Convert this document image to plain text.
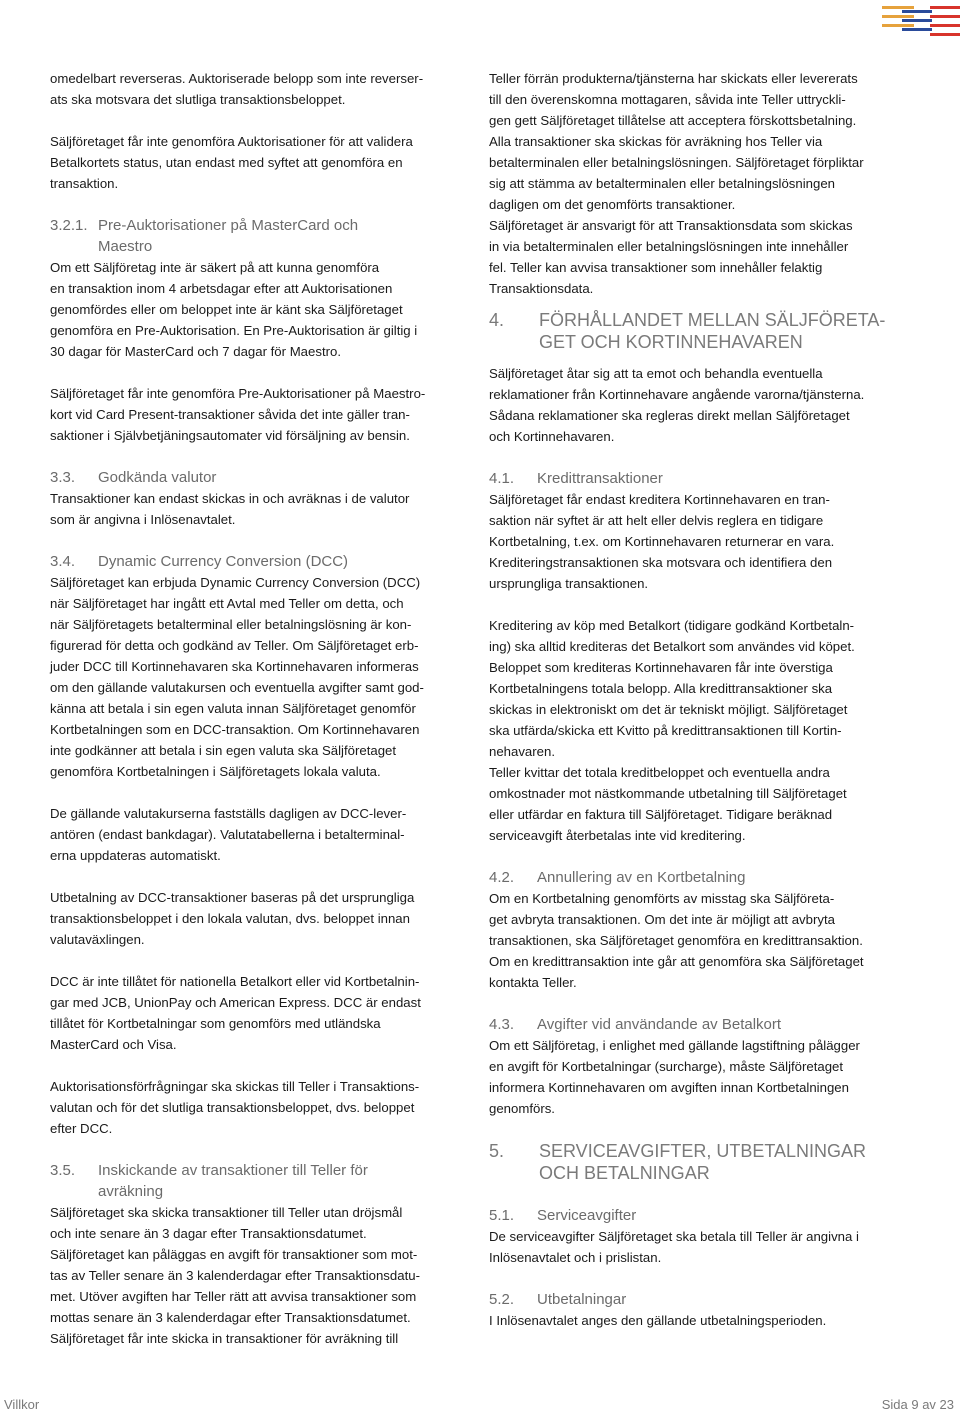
omedelbart reverseras. Auktoriserade belopp som inte reverser-
ats ska motsvara det slutliga transaktionsbeloppet.

Säljföretaget får inte genomföra Auktorisationer för att validera
Betalkortets status, utan endast med syftet att genomföra en
transaktion.

3.2.1. Pre-Auktorisationer på MasterCard och
Maestro

Om ett Säljföretag inte är säkert på att kunna genomföra
en transaktion inom 4 arbetsdagar efter att Auktorisationen
genomfördes eller om beloppet inte är känt ska Säljföretaget
genomföra en Pre-Auktorisation. En Pre-Auktorisation är giltig i
30 dagar för MasterCard och 7 dagar för Maestro.

Säljföretaget får inte genomföra Pre-Auktorisationer på Maestro-
kort vid Card Present-transaktioner såvida det inte gäller tran-
saktioner i Självbetjäningsautomater vid försäljning av bensin.

3.3.	Godkända valutor

Transaktioner kan endast skickas in och avräknas i de valutor
som är angivna i Inlösenavtalet.

3.4.	Dynamic Currency Conversion (DCC)

Säljföretaget kan erbjuda Dynamic Currency Conversion (DCC)
när Säljföretaget har ingått ett Avtal med Teller om detta, och
när Säljföretagets betalterminal eller betalningslösning är kon-
figurerad för detta och godkänd av Teller. Om Säljföretaget erb-
juder DCC till Kortinnehavaren ska Kortinnehavaren informeras
om den gällande valutakursen och eventuella avgifter samt god-
känna att betala i sin egen valuta innan Säljföretaget genomför
Kortbetalningen som en DCC-transaktion. Om Kortinnehavaren
inte godkänner att betala i sin egen valuta ska Säljföretaget
genomföra Kortbetalningen i Säljföretagets lokala valuta.

De gällande valutakurserna fastställs dagligen av DCC-lever-
antören (endast bankdagar). Valutatabellerna i betalterminal-
erna uppdateras automatiskt.

Utbetalning av DCC-transaktioner baseras på det ursprungliga
transaktionsbeloppet i den lokala valutan, dvs. beloppet innan
valutaväxlingen.

DCC är inte tillåtet för nationella Betalkort eller vid Kortbetalnin-
gar med JCB, UnionPay och American Express. DCC är endast
tillåtet för Kortbetalningar som genomförs med utländska
MasterCard och Visa.

Auktorisationsförfrågningar ska skickas till Teller i Transaktions-
valutan och för det slutliga transaktionsbeloppet, dvs. beloppet
efter DCC.

3.5.	Inskickande av transaktioner till Teller för
avräkning

Säljföretaget ska skicka transaktioner till Teller utan dröjsmål
och inte senare än 3 dagar efter Transaktionsdatumet.
Säljföretaget kan påläggas en avgift för transaktioner som mot-
tas av Teller senare än 3 kalenderdagar efter Transaktionsdatu-
met. Utöver avgiften har Teller rätt att avvisa transaktioner som
mottas senare än 3 kalenderdagar efter Transaktionsdatumet.
Säljföretaget får inte skicka in transaktioner för avräkning till

Teller förrän produkterna/tjänsterna har skickats eller levererats
till den överenskomna mottagaren, såvida inte Teller uttryckli-
gen gett Säljföretaget tillåtelse att acceptera förskottsbetalning.
Alla transaktioner ska skickas för avräkning hos Teller via
betalterminalen eller betalningslösningen. Säljföretaget förpliktar
sig att stämma av betalterminalen eller betalningslösningen
dagligen om det genomförts transaktioner.
Säljföretaget är ansvarigt för att Transaktionsdata som skickas
in via betalterminalen eller betalningslösningen inte innehåller
fel. Teller kan avvisa transaktioner som innehåller felaktig
Transaktionsdata.

4.	FÖRHÅLLANDET MELLAN SÄLJFÖRETA-
GET OCH KORTINNEHAVAREN

Säljföretaget åtar sig att ta emot och behandla eventuella
reklamationer från Kortinnehavare angående varorna/tjänsterna.
Sådana reklamationer ska regleras direkt mellan Säljföretaget
och Kortinnehavaren.

4.1.	Kredittransaktioner

Säljföretaget får endast kreditera Kortinnehavaren en tran-
saktion när syftet är att helt eller delvis reglera en tidigare
Kortbetalning, t.ex. om Kortinnehavaren returnerar en vara.
Krediteringstransaktionen ska motsvara och identifiera den
ursprungliga transaktionen.

Kreditering av köp med Betalkort (tidigare godkänd Kortbetaln-
ing) ska alltid krediteras det Betalkort som användes vid köpet.
Beloppet som krediteras Kortinnehavaren får inte överstiga
Kortbetalningens totala belopp. Alla kredittransaktioner ska
skickas in elektroniskt om det är tekniskt möjligt. Säljföretaget
ska utfärda/skicka ett Kvitto på kredittransaktionen till Kortin-
nehavaren.
Teller kvittar det totala kreditbeloppet och eventuella andra
omkostnader mot nästkommande utbetalning till Säljföretaget
eller utfärdar en faktura till Säljföretaget. Tidigare beräknad
serviceavgift återbetalas inte vid kreditering.

4.2.	Annullering av en Kortbetalning

Om en Kortbetalning genomförts av misstag ska Säljföreta-
get avbryta transaktionen. Om det inte är möjligt att avbryta
transaktionen, ska Säljföretaget genomföra en kredittransaktion.
Om en kredittransaktion inte går att genomföra ska Säljföretaget
kontakta Teller.

4.3.	Avgifter vid användande av Betalkort

Om ett Säljföretag, i enlighet med gällande lagstiftning pålägger
en avgift för Kortbetalningar (surcharge), måste Säljföretaget
informera Kortinnehavaren om avgiften innan Kortbetalningen
genomförs.

5.	SERVICEAVGIFTER, UTBETALNINGAR
OCH BETALNINGAR
5.1.	Serviceavgifter

De serviceavgifter Säljföretaget ska betala till Teller är angivna i
Inlösenavtalet och i prislistan.

5.2.	Utbetalningar

I Inlösenavtalet anges den gällande utbetalningsperioden.

Villkor	Sida 9 av 23
